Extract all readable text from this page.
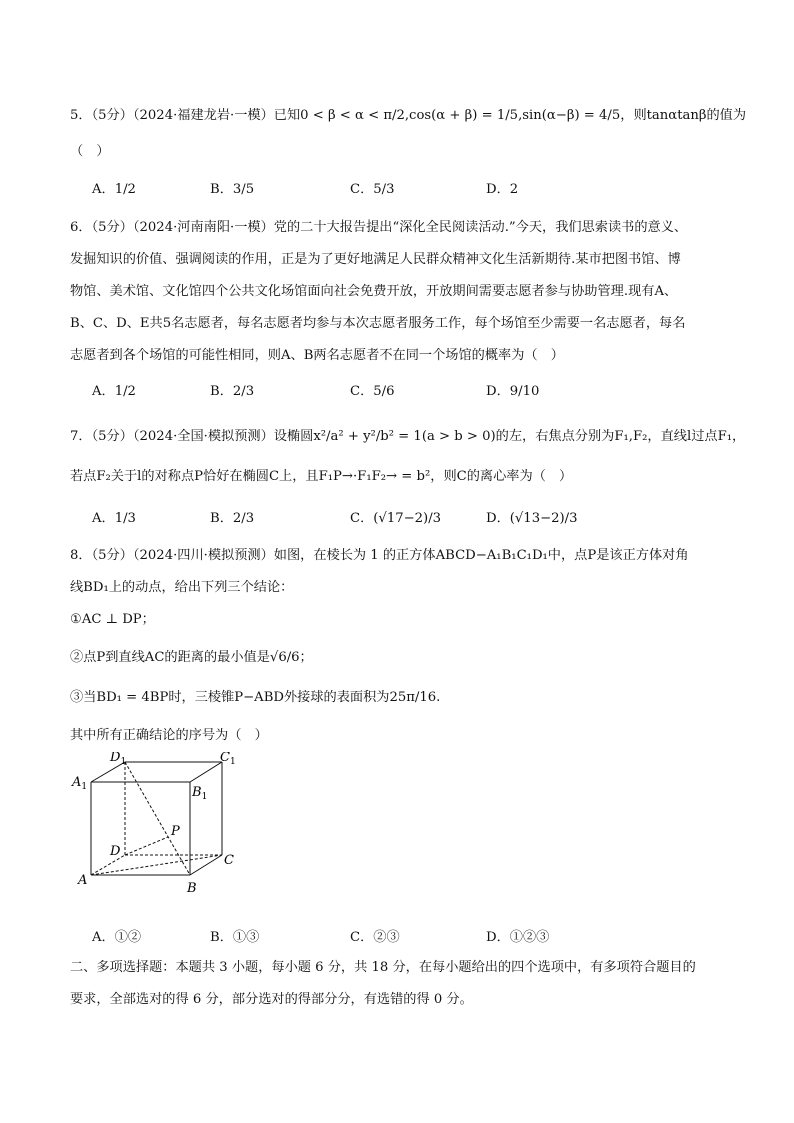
5．（5分）（2024·福建龙岩·一模）已知0 < β < α < π/2,cos(α + β) = 1/5,sin(α−β) = 4/5，则tanαtanβ的值为
（　）
A．1/2	B．3/5	C．5/3	D．2
6．（5分）（2024·河南南阳·一模）党的二十大报告提出“深化全民阅读活动.”今天，我们思索读书的意义、
发掘知识的价值、强调阅读的作用，正是为了更好地满足人民群众精神文化生活新期待.某市把图书馆、博
物馆、美术馆、文化馆四个公共文化场馆面向社会免费开放，开放期间需要志愿者参与协助管理.现有A、
B、C、D、E共5名志愿者，每名志愿者均参与本次志愿者服务工作，每个场馆至少需要一名志愿者，每名
志愿者到各个场馆的可能性相同，则A、B两名志愿者不在同一个场馆的概率为（　）
A．1/2	B．2/3	C．5/6	D．9/10
7．（5分）（2024·全国·模拟预测）设椭圆x²/a² + y²/b² = 1(a > b > 0)的左，右焦点分别为F₁,F₂，直线l过点F₁，
若点F₂关于l的对称点P恰好在椭圆C上，且F₁P→·F₁F₂→ = b²，则C的离心率为（　）
A．1/3	B．2/3	C．(√17−2)/3	D．(√13−2)/3
8．（5分）（2024·四川·模拟预测）如图，在棱长为 1 的正方体ABCD−A₁B₁C₁D₁中，点P是该正方体对角
线BD₁上的动点，给出下列三个结论：
①AC ⊥ DP；
②点P到直线AC的距离的最小值是√6/6；
③当BD₁ = 4BP时，三棱锥P−ABD外接球的表面积为25π/16.
其中所有正确结论的序号为（　）
$D_1$	$C_1$
$A_1$	$B_1$
D
P
C
A
B
A．①②	B．①③	C．②③	D．①②③
二、多项选择题：本题共 3 小题，每小题 6 分，共 18 分，在每小题给出的四个选项中，有多项符合题目的
要求，全部选对的得 6 分，部分选对的得部分分，有选错的得 0 分。
